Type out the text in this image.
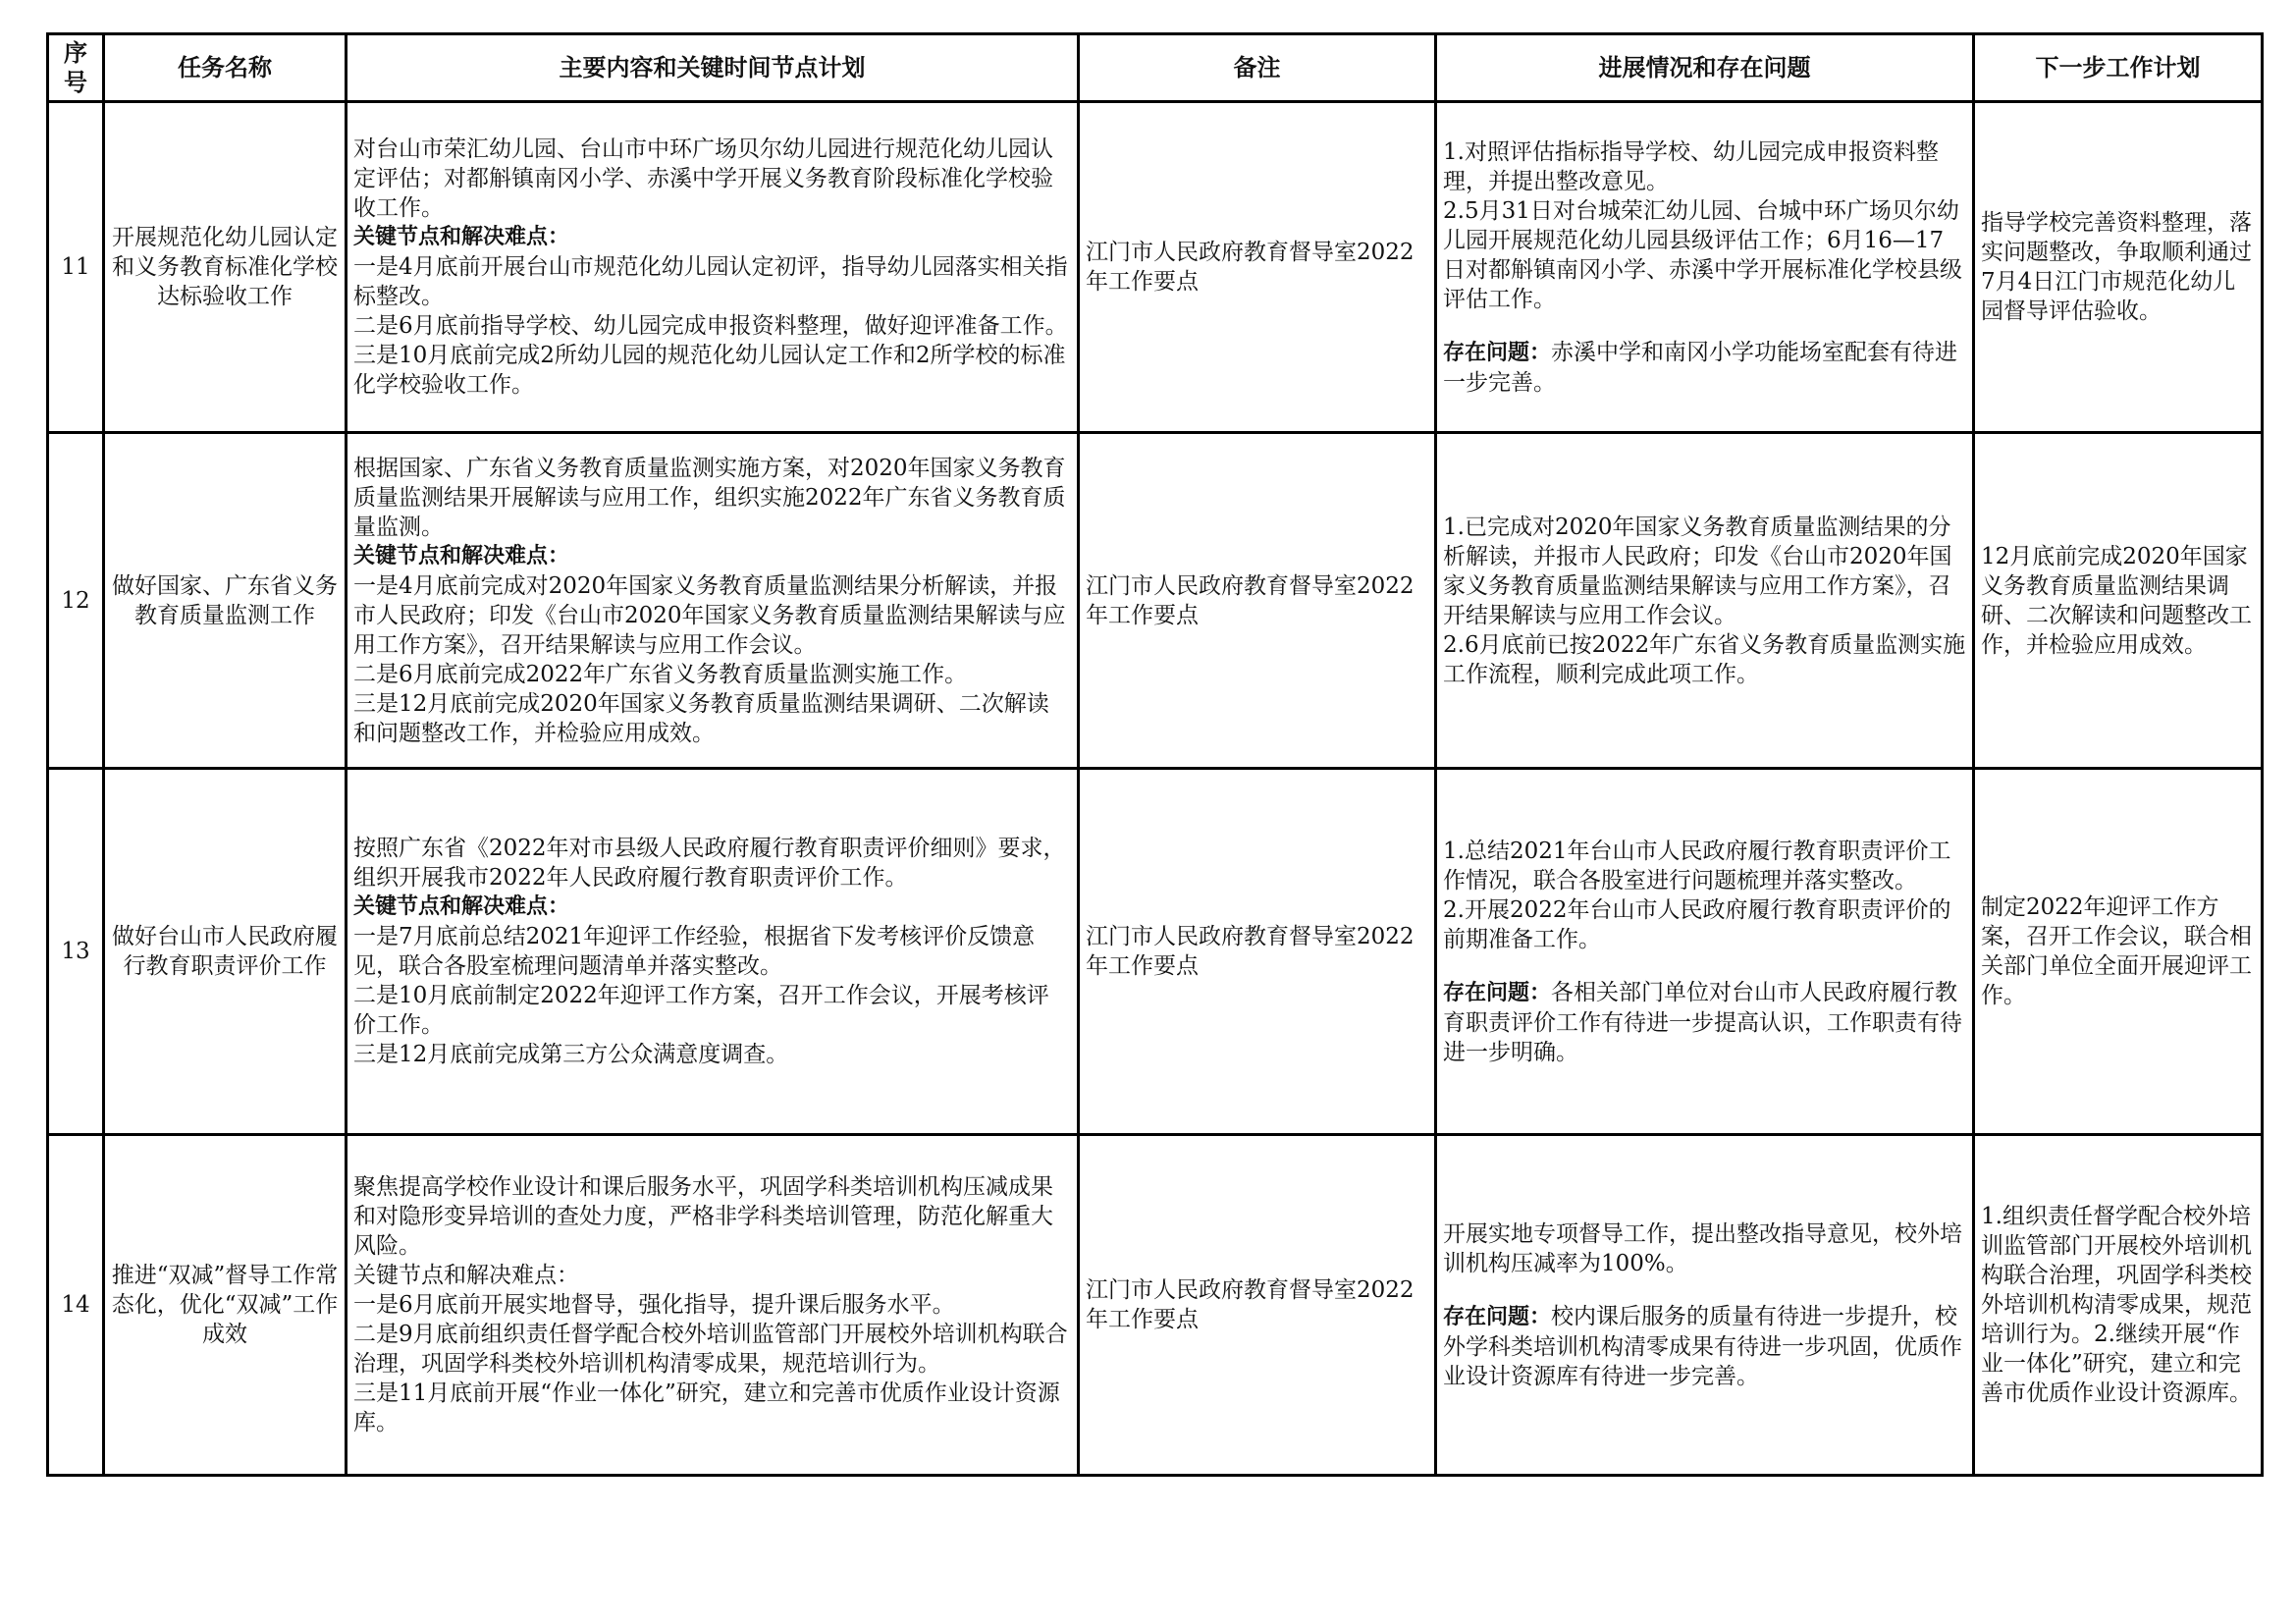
序号	任务名称	主要内容和关键时间节点计划	备注	进展情况和存在问题	下一步工作计划
11	开展规范化幼儿园认定和义务教育标准化学校达标验收工作	对台山市荣汇幼儿园、台山市中环广场贝尔幼儿园进行规范化幼儿园认定评估；对都斛镇南冈小学、赤溪中学开展义务教育阶段标准化学校验收工作。
关键节点和解决难点：
一是4月底前开展台山市规范化幼儿园认定初评，指导幼儿园落实相关指标整改。
二是6月底前指导学校、幼儿园完成申报资料整理，做好迎评准备工作。
三是10月底前完成2所幼儿园的规范化幼儿园认定工作和2所学校的标准化学校验收工作。	江门市人民政府教育督导室2022年工作要点	1.对照评估指标指导学校、幼儿园完成申报资料整理，并提出整改意见。
2.5月31日对台城荣汇幼儿园、台城中环广场贝尔幼儿园开展规范化幼儿园县级评估工作；6月16—17日对都斛镇南冈小学、赤溪中学开展标准化学校县级评估工作。
存在问题：赤溪中学和南冈小学功能场室配套有待进一步完善。	指导学校完善资料整理，落实问题整改，争取顺利通过7月4日江门市规范化幼儿园督导评估验收。
12	做好国家、广东省义务教育质量监测工作	根据国家、广东省义务教育质量监测实施方案，对2020年国家义务教育质量监测结果开展解读与应用工作，组织实施2022年广东省义务教育质量监测。
关键节点和解决难点：
一是4月底前完成对2020年国家义务教育质量监测结果分析解读，并报市人民政府；印发《台山市2020年国家义务教育质量监测结果解读与应用工作方案》，召开结果解读与应用工作会议。
二是6月底前完成2022年广东省义务教育质量监测实施工作。
三是12月底前完成2020年国家义务教育质量监测结果调研、二次解读和问题整改工作，并检验应用成效。	江门市人民政府教育督导室2022年工作要点	1.已完成对2020年国家义务教育质量监测结果的分析解读，并报市人民政府；印发《台山市2020年国家义务教育质量监测结果解读与应用工作方案》，召开结果解读与应用工作会议。
2.6月底前已按2022年广东省义务教育质量监测实施工作流程，顺利完成此项工作。	12月底前完成2020年国家义务教育质量监测结果调研、二次解读和问题整改工作，并检验应用成效。
13	做好台山市人民政府履行教育职责评价工作	按照广东省《2022年对市县级人民政府履行教育职责评价细则》要求，组织开展我市2022年人民政府履行教育职责评价工作。
关键节点和解决难点：
一是7月底前总结2021年迎评工作经验，根据省下发考核评价反馈意见，联合各股室梳理问题清单并落实整改。
二是10月底前制定2022年迎评工作方案，召开工作会议，开展考核评价工作。
三是12月底前完成第三方公众满意度调查。	江门市人民政府教育督导室2022年工作要点	1.总结2021年台山市人民政府履行教育职责评价工作情况，联合各股室进行问题梳理并落实整改。
2.开展2022年台山市人民政府履行教育职责评价的前期准备工作。
存在问题：各相关部门单位对台山市人民政府履行教育职责评价工作有待进一步提高认识，工作职责有待进一步明确。	制定2022年迎评工作方案，召开工作会议，联合相关部门单位全面开展迎评工作。
14	推进“双减”督导工作常态化，优化“双减”工作成效	聚焦提高学校作业设计和课后服务水平，巩固学科类培训机构压减成果和对隐形变异培训的查处力度，严格非学科类培训管理，防范化解重大风险。
关键节点和解决难点：
一是6月底前开展实地督导，强化指导，提升课后服务水平。
二是9月底前组织责任督学配合校外培训监管部门开展校外培训机构联合治理，巩固学科类校外培训机构清零成果，规范培训行为。
三是11月底前开展“作业一体化”研究，建立和完善市优质作业设计资源库。	江门市人民政府教育督导室2022年工作要点	开展实地专项督导工作，提出整改指导意见，校外培训机构压减率为100%。
存在问题：校内课后服务的质量有待进一步提升，校外学科类培训机构清零成果有待进一步巩固，优质作业设计资源库有待进一步完善。	1.组织责任督学配合校外培训监管部门开展校外培训机构联合治理，巩固学科类校外培训机构清零成果，规范培训行为。2.继续开展“作业一体化”研究，建立和完善市优质作业设计资源库。
